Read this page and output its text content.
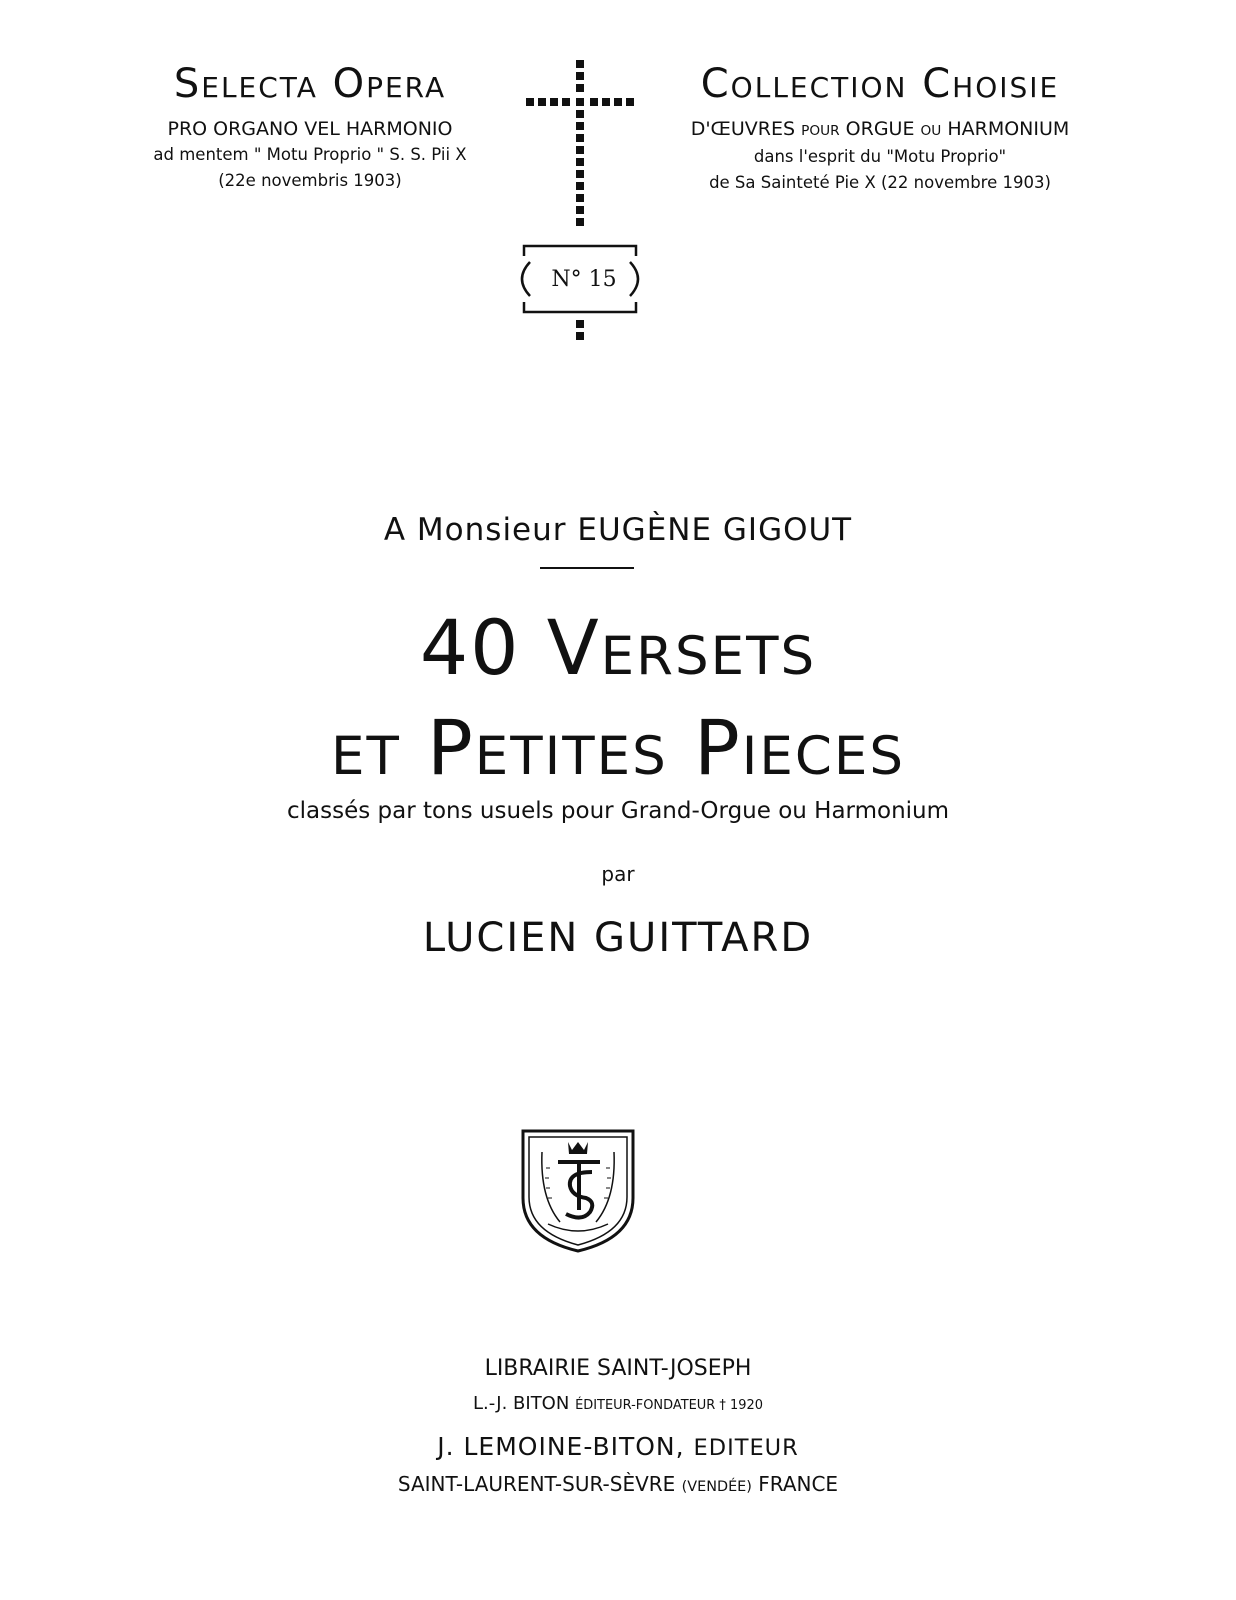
Selecta Opera
PRO ORGANO VEL HARMONIO
ad mentem " Motu Proprio " S. S. Pii X
(22e novembris 1903)
Collection Choisie
D'ŒUVRES POUR ORGUE OU HARMONIUM
dans l'esprit du "Motu Proprio"
de Sa Sainteté Pie X (22 novembre 1903)
N° 15
A Monsieur EUGÈNE GIGOUT
40 Versets
et Petites Pieces
classés par tons usuels pour Grand-Orgue ou Harmonium
par
LUCIEN GUITTARD
LIBRAIRIE SAINT-JOSEPH
L.-J. BITON ÉDITEUR-FONDATEUR † 1920
J. LEMOINE-BITON, EDITEUR
SAINT-LAURENT-SUR-SÈVRE (VENDÉE) FRANCE
